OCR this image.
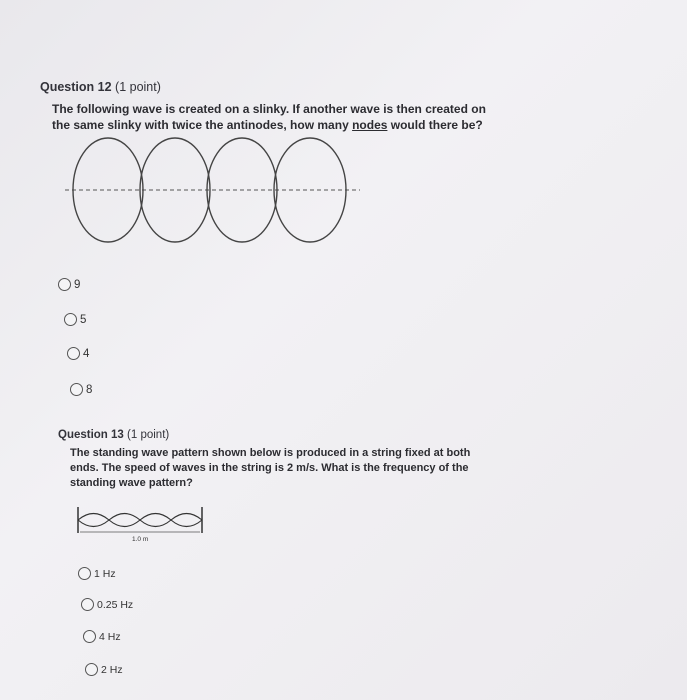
Question 12 (1 point)
The following wave is created on a slinky. If another wave is then created on
the same slinky with twice the antinodes, how many nodes would there be?
9
5
4
8
Question 13 (1 point)
The standing wave pattern shown below is produced in a string fixed at both
ends. The speed of waves in the string is 2 m/s. What is the frequency of the
standing wave pattern?
1.0 m
1 Hz
0.25 Hz
4 Hz
2 Hz
